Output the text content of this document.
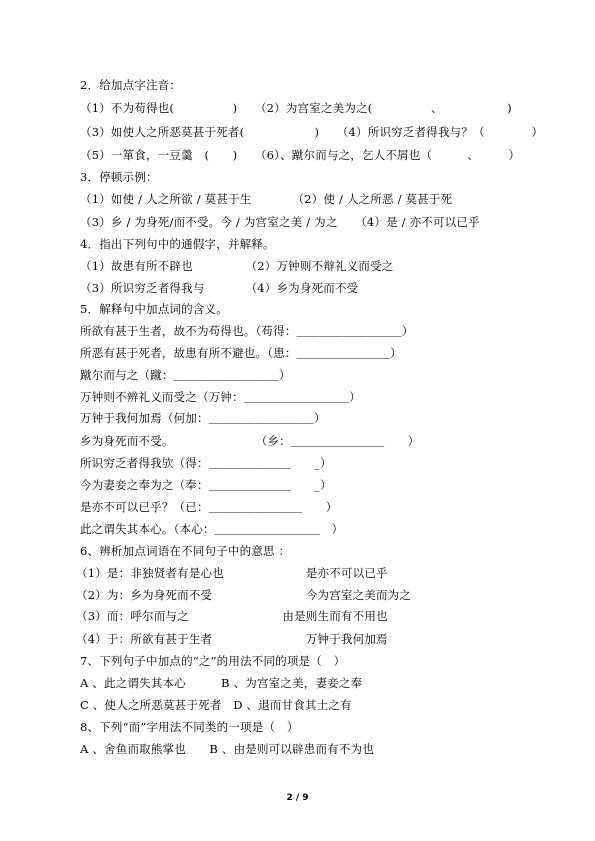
2．给加点字注音：
（1）不为苟得也(　　　　　)　　（2）为宫室之美为之(　　　　　、　　　　　　)
（3）如使人之所恶莫甚于死者(　　　　　　)　　（4）所识穷乏者得我与？（　　　　）
（5）一箪食，一豆羹　(　　)　　（6）、蹴尔而与之，乞人不屑也（　　　、　　　）
3．停顿示例：
（1）如使 / 人之所欲 / 莫甚于生　　　　（2）使 / 人之所恶 / 莫甚于死
（3）乡 / 为身死/而不受。今 / 为宫室之美 / 为之　　（4）是 / 亦不可以已乎
4．指出下列句中的通假字，并解释。
（1）故患有所不辟也　　　　　（2）万钟则不辩礼义而受之
（3）所识穷乏者得我与　　　　（4）乡为身死而不受
5．解释句中加点词的含义。
所欲有甚于生者，故不为苟得也。（苟得：＿＿＿＿＿＿＿＿＿）
所恶有甚于死者，故患有所不避也。（患：＿＿＿＿＿＿＿＿）
蹴尔而与之（蹴：＿＿＿＿＿＿＿＿＿）
万钟则不辨礼义而受之（万钟：＿＿＿＿＿＿＿＿＿）
万钟于我何加焉（何加：＿＿＿＿＿＿＿＿＿）
乡为身死而不受。　　　　　　　　（乡：＿＿＿＿＿＿＿＿　　）
所识穷乏者得我欤（得：＿＿＿＿＿＿＿　　_）
今为妻妾之奉为之（奉：＿＿＿＿＿＿＿　　_）
是亦不可以已乎？（已：＿＿＿＿＿＿＿＿　　）
此之谓失其本心。（本心：＿＿＿＿＿＿＿＿＿　）
6、辨析加点词语在不同句子中的意思 ：
（1）是：非独贤者有是心也　　　　　　　是亦不可以已乎
（2）为：乡为身死而不受　　　　　　　　今为宫室之美而为之
（3）而：呼尔而与之　　　　　　　　由是则生而有不用也
（4）于：所欲有甚于生者　　　　　　　　万钟于我何加焉
7、下列句子中加点的“之”的用法不同的项是（　）
A 、此之谓失其本心　　　B 、为宫室之美，妻妾之奉
C 、使人之所恶莫甚于死者　D 、退而甘食其土之有
8、下列“而”字用法不同类的一项是（　）
A 、舍鱼而取熊掌也　　B 、由是则可以辟患而有不为也
2 / 9
